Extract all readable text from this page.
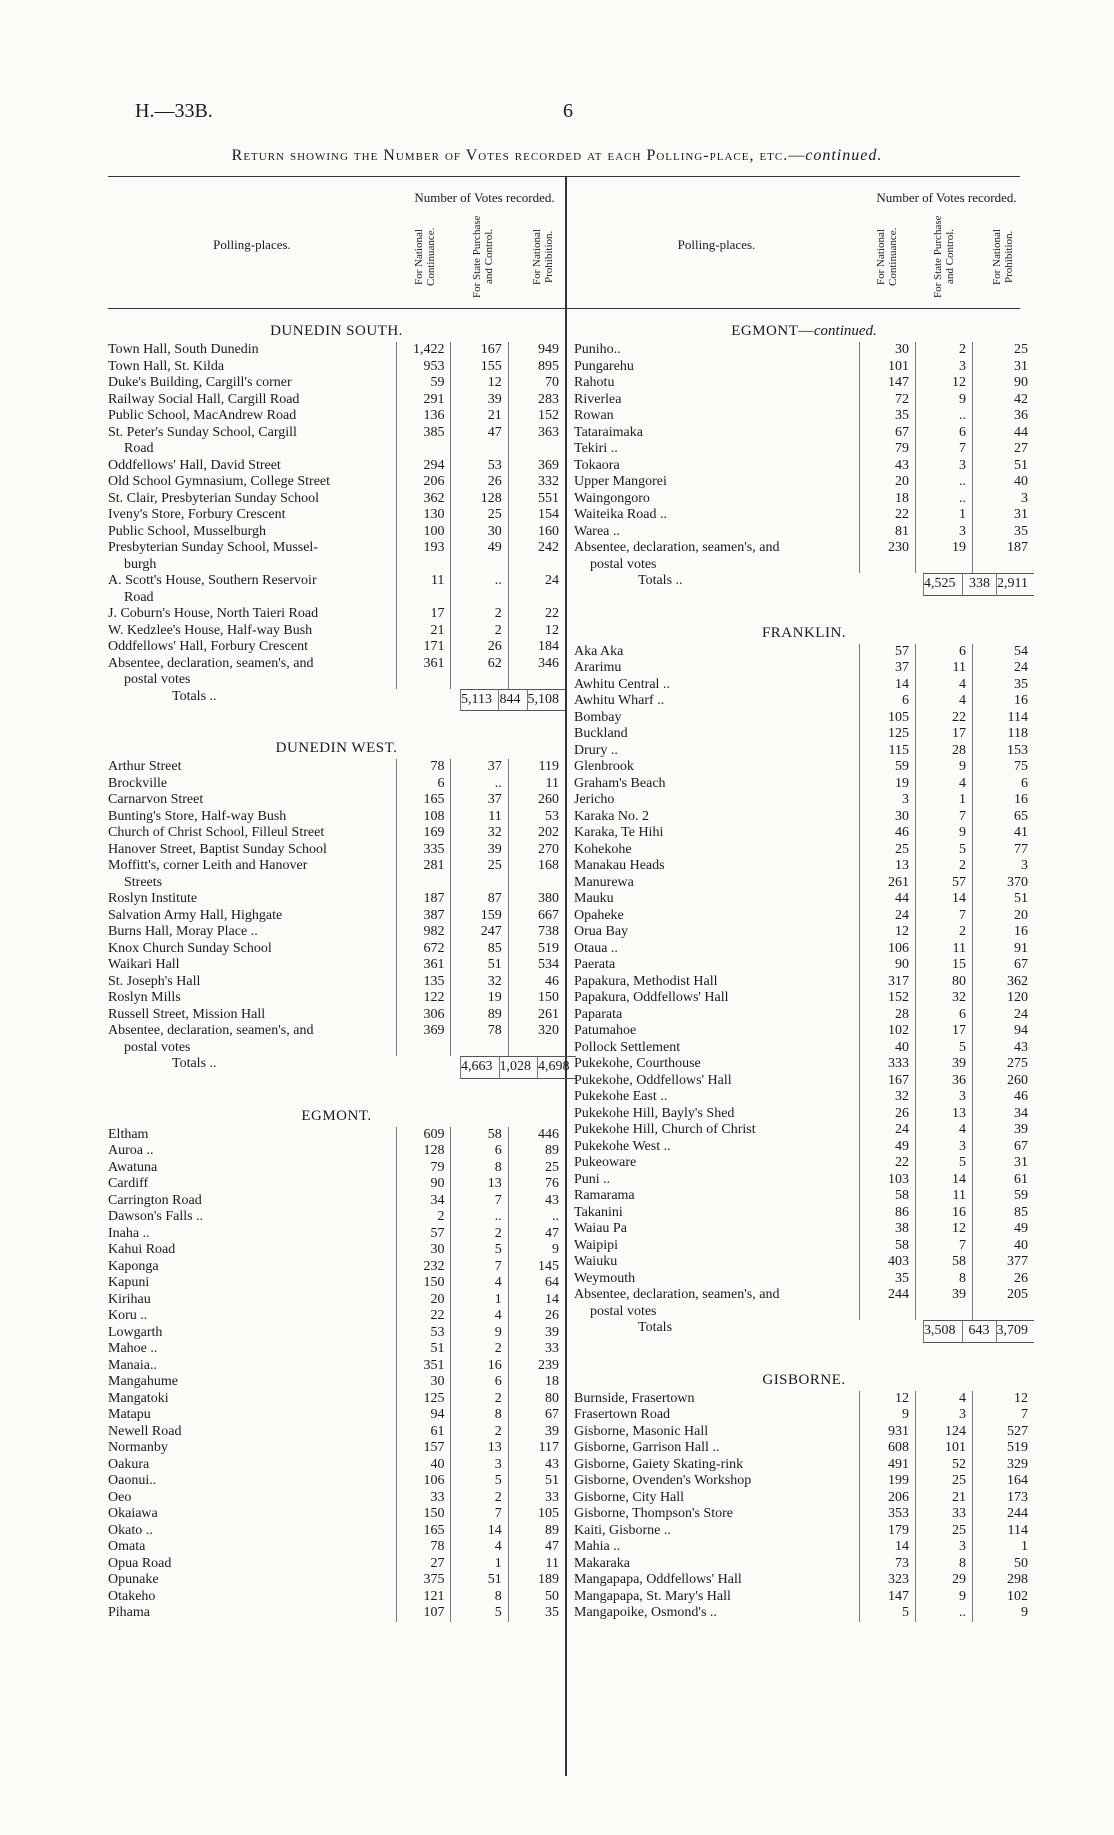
H.—33B.	6
Return showing the Number of Votes recorded at each Polling-place, etc.—continued.
Polling-places.
Number of Votes recorded.
For National Continuance.	For State Purchase and Control.	For National Prohibition.
DUNEDIN SOUTH.
Town Hall, South Dunedin	1,422	167	949
Town Hall, St. Kilda	953	155	895
Duke's Building, Cargill's corner	59	12	70
Railway Social Hall, Cargill Road	291	39	283
Public School, MacAndrew Road	136	21	152
St. Peter's Sunday School, Cargill	385	47	363
Road
Oddfellows' Hall, David Street	294	53	369
Old School Gymnasium, College Street	206	26	332
St. Clair, Presbyterian Sunday School	362	128	551
Iveny's Store, Forbury Crescent	130	25	154
Public School, Musselburgh	100	30	160
Presbyterian Sunday School, Mussel-	193	49	242
burgh
A. Scott's House, Southern Reservoir	11	..	24
Road
J. Coburn's House, North Taieri Road	17	2	22
W. Kedzlee's House, Half-way Bush	21	2	12
Oddfellows' Hall, Forbury Crescent	171	26	184
Absentee, declaration, seamen's, and	361	62	346
postal votes
Totals ..	5,113 844 5,108
DUNEDIN WEST.
Arthur Street	78	37	119
Brockville	6	..	11
Carnarvon Street	165	37	260
Bunting's Store, Half-way Bush	108	11	53
Church of Christ School, Filleul Street	169	32	202
Hanover Street, Baptist Sunday School	335	39	270
Moffitt's, corner Leith and Hanover	281	25	168
Streets
Roslyn Institute	187	87	380
Salvation Army Hall, Highgate	387	159	667
Burns Hall, Moray Place ..	982	247	738
Knox Church Sunday School	672	85	519
Waikari Hall	361	51	534
St. Joseph's Hall	135	32	46
Roslyn Mills	122	19	150
Russell Street, Mission Hall	306	89	261
Absentee, declaration, seamen's, and	369	78	320
postal votes
Totals ..	4,663 1,028 4,698
EGMONT.
Eltham	609	58	446
Auroa ..	128	6	89
Awatuna	79	8	25
Cardiff	90	13	76
Carrington Road	34	7	43
Dawson's Falls ..	2	..	..
Inaha ..	57	2	47
Kahui Road	30	5	9
Kaponga	232	7	145
Kapuni	150	4	64
Kirihau	20	1	14
Koru ..	22	4	26
Lowgarth	53	9	39
Mahoe ..	51	2	33
Manaia..	351	16	239
Mangahume	30	6	18
Mangatoki	125	2	80
Matapu	94	8	67
Newell Road	61	2	39
Normanby	157	13	117
Oakura	40	3	43
Oaonui..	106	5	51
Oeo	33	2	33
Okaiawa	150	7	105
Okato ..	165	14	89
Omata	78	4	47
Opua Road	27	1	11
Opunake	375	51	189
Otakeho	121	8	50
Pihama	107	5	35
Polling-places.
Number of Votes recorded.
For National Continuance.	For State Purchase and Control.	For National Prohibition.
EGMONT—continued.
Puniho..	30	2	25
Pungarehu	101	3	31
Rahotu	147	12	90
Riverlea	72	9	42
Rowan	35	..	36
Tataraimaka	67	6	44
Tekiri ..	79	7	27
Tokaora	43	3	51
Upper Mangorei	20	..	40
Waingongoro	18	..	3
Waiteika Road ..	22	1	31
Warea ..	81	3	35
Absentee, declaration, seamen's, and	230	19	187
postal votes
Totals ..	4,525 338 2,911
FRANKLIN.
Aka Aka	57	6	54
Ararimu	37	11	24
Awhitu Central ..	14	4	35
Awhitu Wharf ..	6	4	16
Bombay	105	22	114
Buckland	125	17	118
Drury ..	115	28	153
Glenbrook	59	9	75
Graham's Beach	19	4	6
Jericho	3	1	16
Karaka No. 2	30	7	65
Karaka, Te Hihi	46	9	41
Kohekohe	25	5	77
Manakau Heads	13	2	3
Manurewa	261	57	370
Mauku	44	14	51
Opaheke	24	7	20
Orua Bay	12	2	16
Otaua ..	106	11	91
Paerata	90	15	67
Papakura, Methodist Hall	317	80	362
Papakura, Oddfellows' Hall	152	32	120
Paparata	28	6	24
Patumahoe	102	17	94
Pollock Settlement	40	5	43
Pukekohe, Courthouse	333	39	275
Pukekohe, Oddfellows' Hall	167	36	260
Pukekohe East ..	32	3	46
Pukekohe Hill, Bayly's Shed	26	13	34
Pukekohe Hill, Church of Christ	24	4	39
Pukekohe West ..	49	3	67
Pukeoware	22	5	31
Puni ..	103	14	61
Ramarama	58	11	59
Takanini	86	16	85
Waiau Pa	38	12	49
Waipipi	58	7	40
Waiuku	403	58	377
Weymouth	35	8	26
Absentee, declaration, seamen's, and	244	39	205
postal votes
Totals	3,508 643 3,709
GISBORNE.
Burnside, Frasertown	12	4	12
Frasertown Road	9	3	7
Gisborne, Masonic Hall	931	124	527
Gisborne, Garrison Hall ..	608	101	519
Gisborne, Gaiety Skating-rink	491	52	329
Gisborne, Ovenden's Workshop	199	25	164
Gisborne, City Hall	206	21	173
Gisborne, Thompson's Store	353	33	244
Kaiti, Gisborne ..	179	25	114
Mahia ..	14	3	1
Makaraka	73	8	50
Mangapapa, Oddfellows' Hall	323	29	298
Mangapapa, St. Mary's Hall	147	9	102
Mangapoike, Osmond's ..	5	..	9
